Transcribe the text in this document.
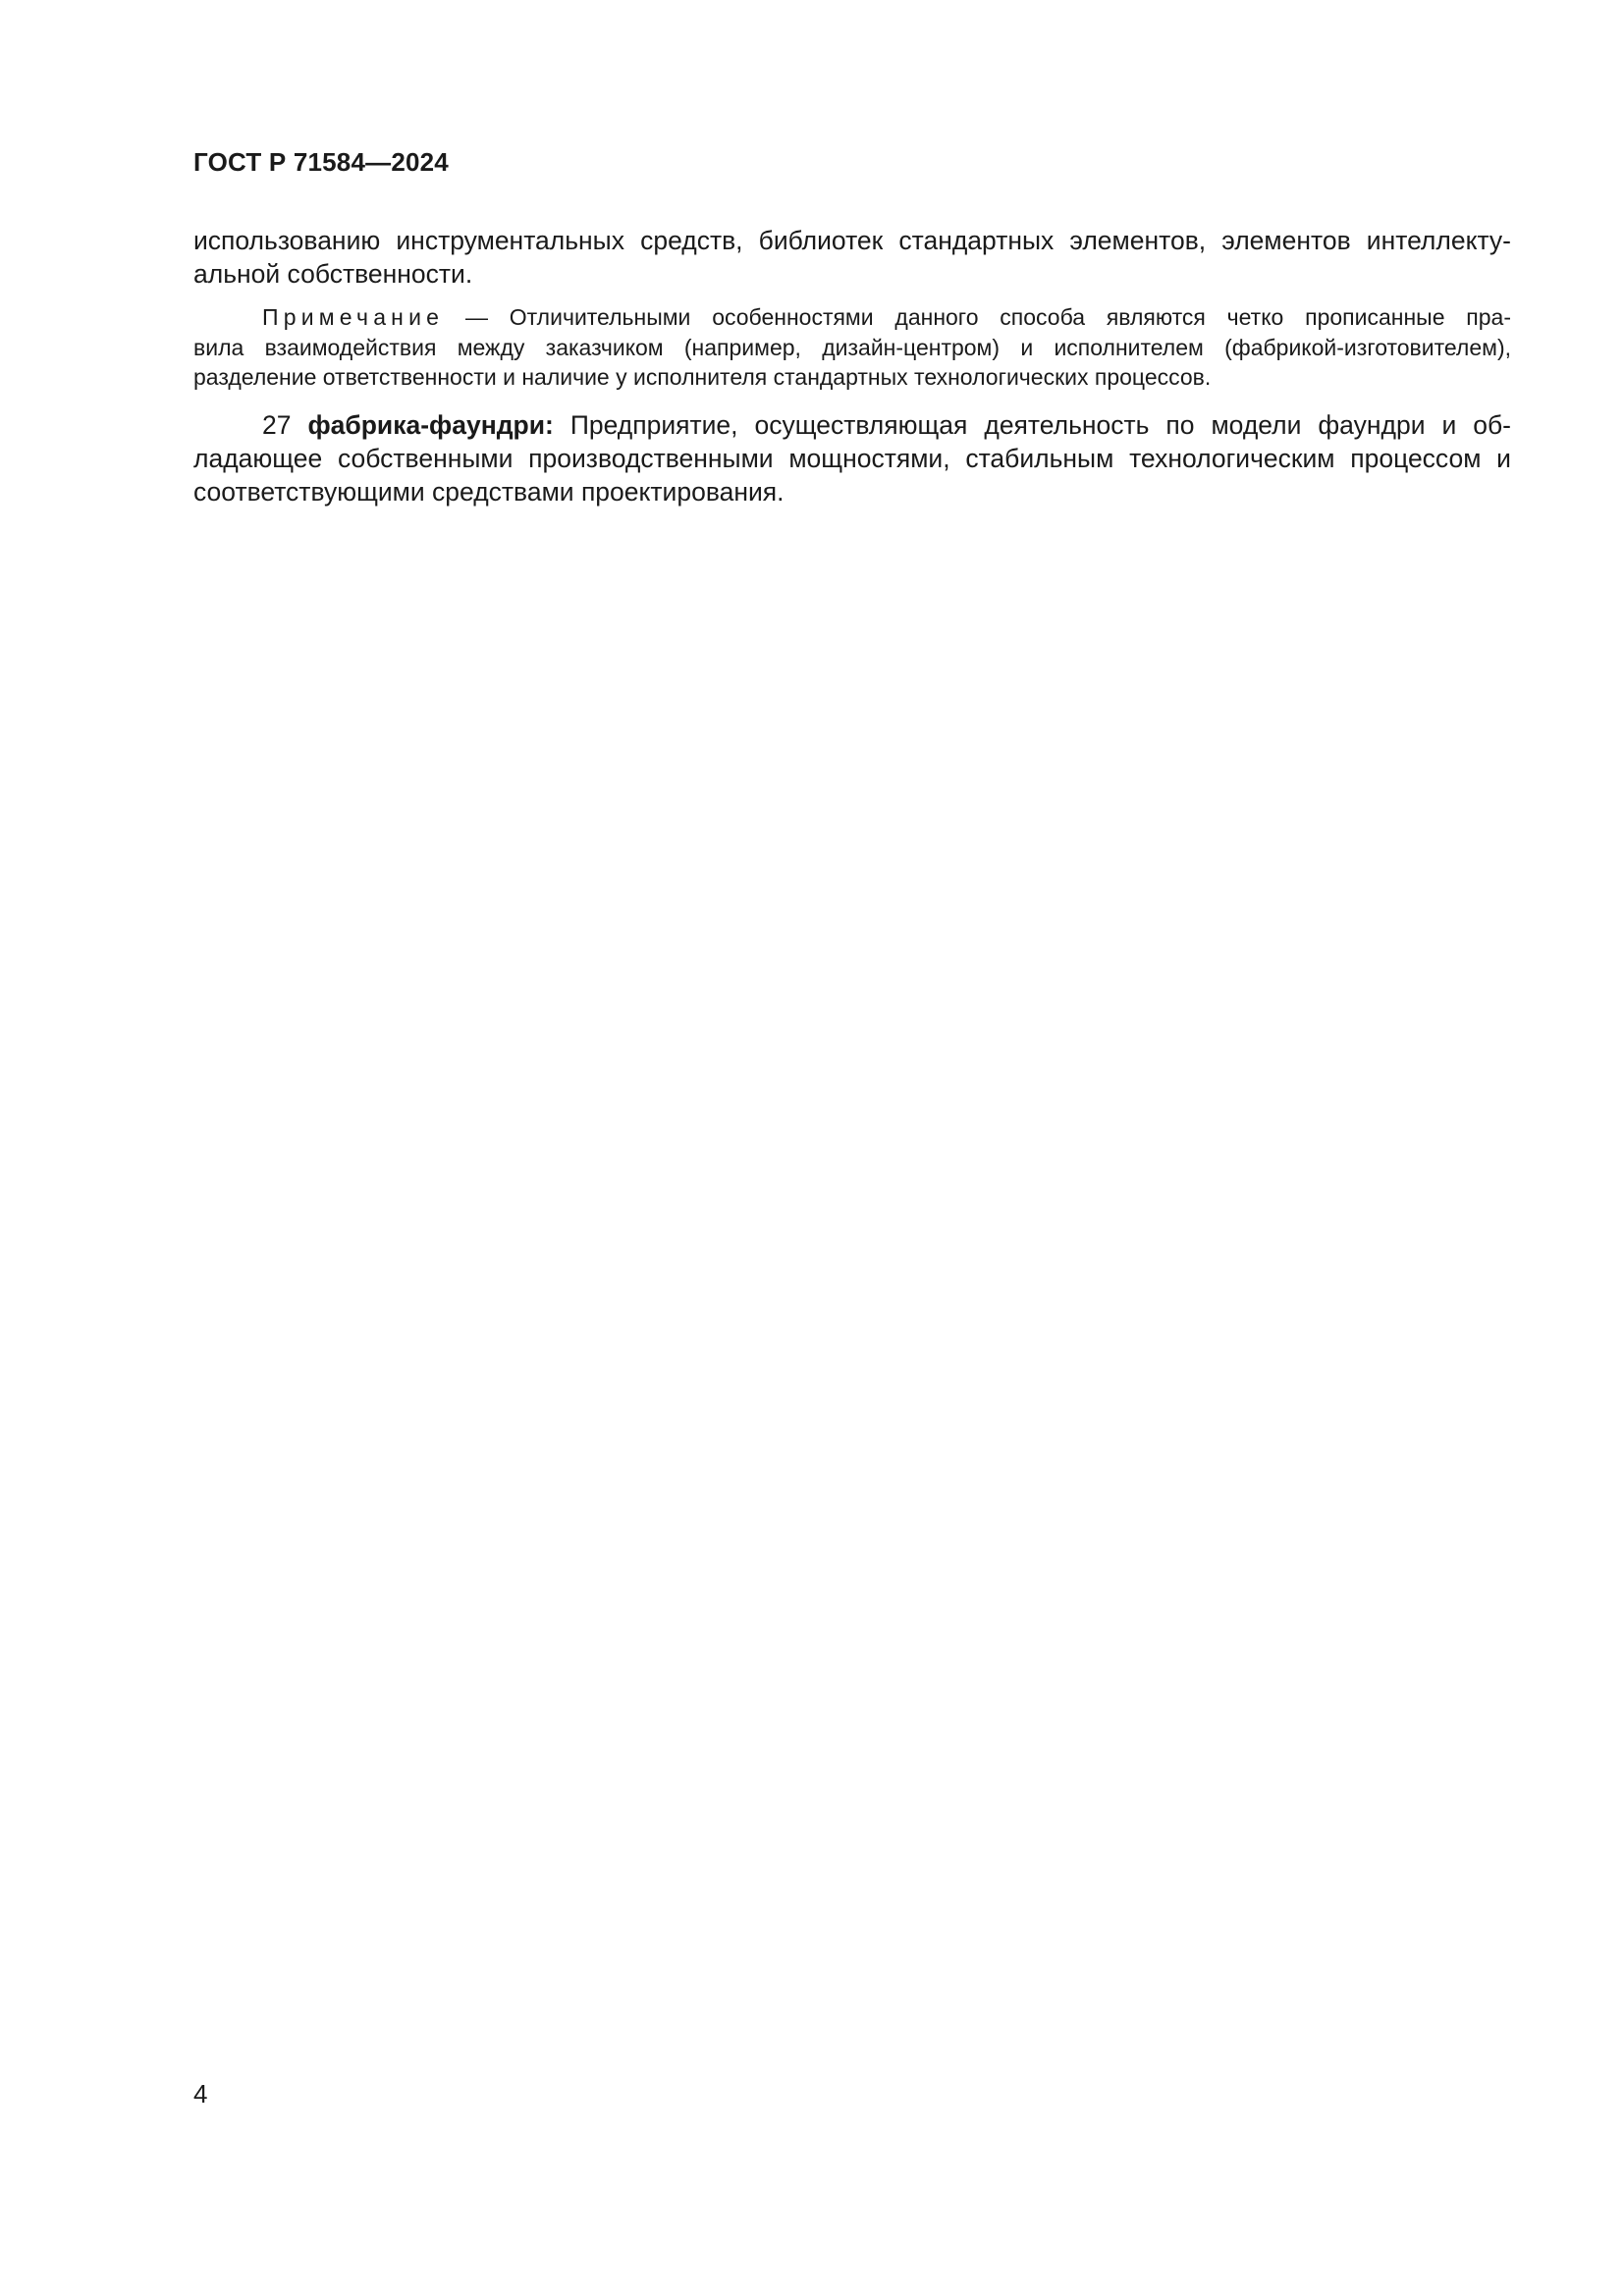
ГОСТ Р 71584—2024

использованию инструментальных средств, библиотек стандартных элементов, элементов интеллекту-
альной собственности.

Примечание — Отличительными особенностями данного способа являются четко прописанные пра-
вила взаимодействия между заказчиком (например, дизайн-центром) и исполнителем (фабрикой-изготовителем),
разделение ответственности и наличие у исполнителя стандартных технологических процессов.

27 фабрика-фаундри: Предприятие, осуществляющая деятельность по модели фаундри и об-
ладающее собственными производственными мощностями, стабильным технологическим процессом и
соответствующими средствами проектирования.

4
